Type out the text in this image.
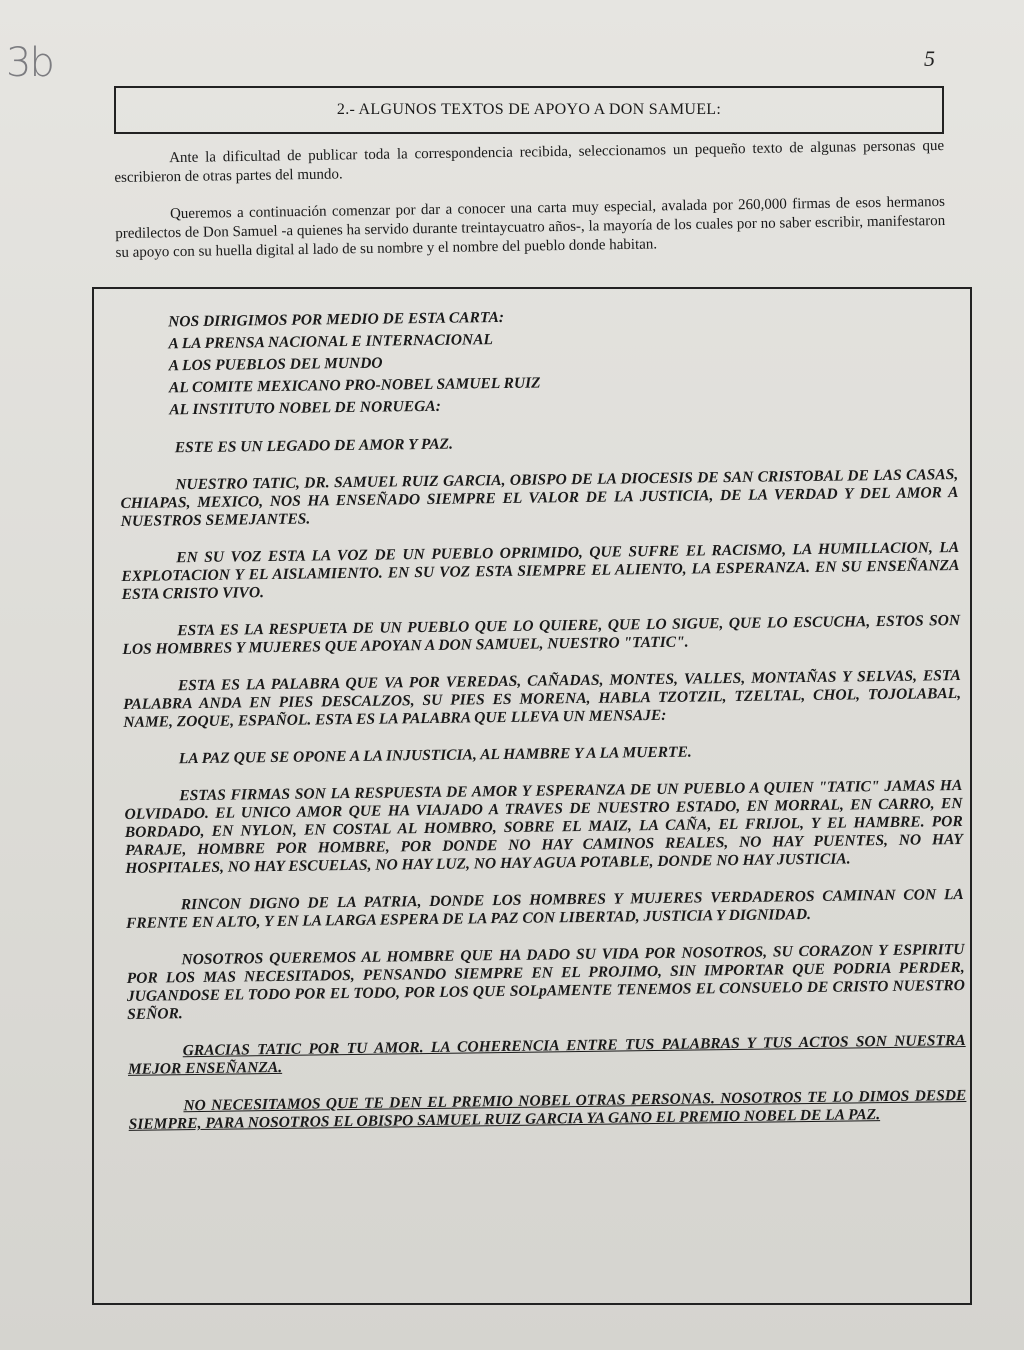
3b	5
2.- ALGUNOS TEXTOS DE APOYO A DON SAMUEL:

Ante la dificultad de publicar toda la correspondencia recibida, seleccionamos un pequeño texto de algunas personas que escribieron de otras partes del mundo.

Queremos a continuación comenzar por dar a conocer una carta muy especial, avalada por 260,000 firmas de esos hermanos predilectos de Don Samuel -a quienes ha servido durante treintaycuatro años-, la mayoría de los cuales por no saber escribir, manifestaron su apoyo con su huella digital al lado de su nombre y el nombre del pueblo donde habitan.

NOS DIRIGIMOS POR MEDIO DE ESTA CARTA:
A LA PRENSA NACIONAL E INTERNACIONAL
A LOS PUEBLOS DEL MUNDO
AL COMITE MEXICANO PRO-NOBEL SAMUEL RUIZ
AL INSTITUTO NOBEL DE NORUEGA:

ESTE ES UN LEGADO DE AMOR Y PAZ.

NUESTRO TATIC, DR. SAMUEL RUIZ GARCIA, OBISPO DE LA DIOCESIS DE SAN CRISTOBAL DE LAS CASAS, CHIAPAS, MEXICO, NOS HA ENSEÑADO SIEMPRE EL VALOR DE LA JUSTICIA, DE LA VERDAD Y DEL AMOR A NUESTROS SEMEJANTES.

EN SU VOZ ESTA LA VOZ DE UN PUEBLO OPRIMIDO, QUE SUFRE EL RACISMO, LA HUMILLACION, LA EXPLOTACION Y EL AISLAMIENTO. EN SU VOZ ESTA SIEMPRE EL ALIENTO, LA ESPERANZA. EN SU ENSEÑANZA ESTA CRISTO VIVO.

ESTA ES LA RESPUETA DE UN PUEBLO QUE LO QUIERE, QUE LO SIGUE, QUE LO ESCUCHA, ESTOS SON LOS HOMBRES Y MUJERES QUE APOYAN A DON SAMUEL, NUESTRO "TATIC".

ESTA ES LA PALABRA QUE VA POR VEREDAS, CAÑADAS, MONTES, VALLES, MONTAÑAS Y SELVAS, ESTA PALABRA ANDA EN PIES DESCALZOS, SU PIES ES MORENA, HABLA TZOTZIL, TZELTAL, CHOL, TOJOLABAL, NAME, ZOQUE, ESPAÑOL. ESTA ES LA PALABRA QUE LLEVA UN MENSAJE:

LA PAZ QUE SE OPONE A LA INJUSTICIA, AL HAMBRE Y A LA MUERTE.

ESTAS FIRMAS SON LA RESPUESTA DE AMOR Y ESPERANZA DE UN PUEBLO A QUIEN "TATIC" JAMAS HA OLVIDADO. EL UNICO AMOR QUE HA VIAJADO A TRAVES DE NUESTRO ESTADO, EN MORRAL, EN CARRO, EN BORDADO, EN NYLON, EN COSTAL AL HOMBRO, SOBRE EL MAIZ, LA CAÑA, EL FRIJOL, Y EL HAMBRE. POR PARAJE, HOMBRE POR HOMBRE, POR DONDE NO HAY CAMINOS REALES, NO HAY PUENTES, NO HAY HOSPITALES, NO HAY ESCUELAS, NO HAY LUZ, NO HAY AGUA POTABLE, DONDE NO HAY JUSTICIA.

RINCON DIGNO DE LA PATRIA, DONDE LOS HOMBRES Y MUJERES VERDADEROS CAMINAN CON LA FRENTE EN ALTO, Y EN LA LARGA ESPERA DE LA PAZ CON LIBERTAD, JUSTICIA Y DIGNIDAD.

NOSOTROS QUEREMOS AL HOMBRE QUE HA DADO SU VIDA POR NOSOTROS, SU CORAZON Y ESPIRITU POR LOS MAS NECESITADOS, PENSANDO SIEMPRE EN EL PROJIMO, SIN IMPORTAR QUE PODRIA PERDER, JUGANDOSE EL TODO POR EL TODO, POR LOS QUE SOLpAMENTE TENEMOS EL CONSUELO DE CRISTO NUESTRO SEÑOR.

GRACIAS TATIC POR TU AMOR. LA COHERENCIA ENTRE TUS PALABRAS Y TUS ACTOS SON NUESTRA MEJOR ENSEÑANZA.

NO NECESITAMOS QUE TE DEN EL PREMIO NOBEL OTRAS PERSONAS. NOSOTROS TE LO DIMOS DESDE SIEMPRE, PARA NOSOTROS EL OBISPO SAMUEL RUIZ GARCIA YA GANO EL PREMIO NOBEL DE LA PAZ.
